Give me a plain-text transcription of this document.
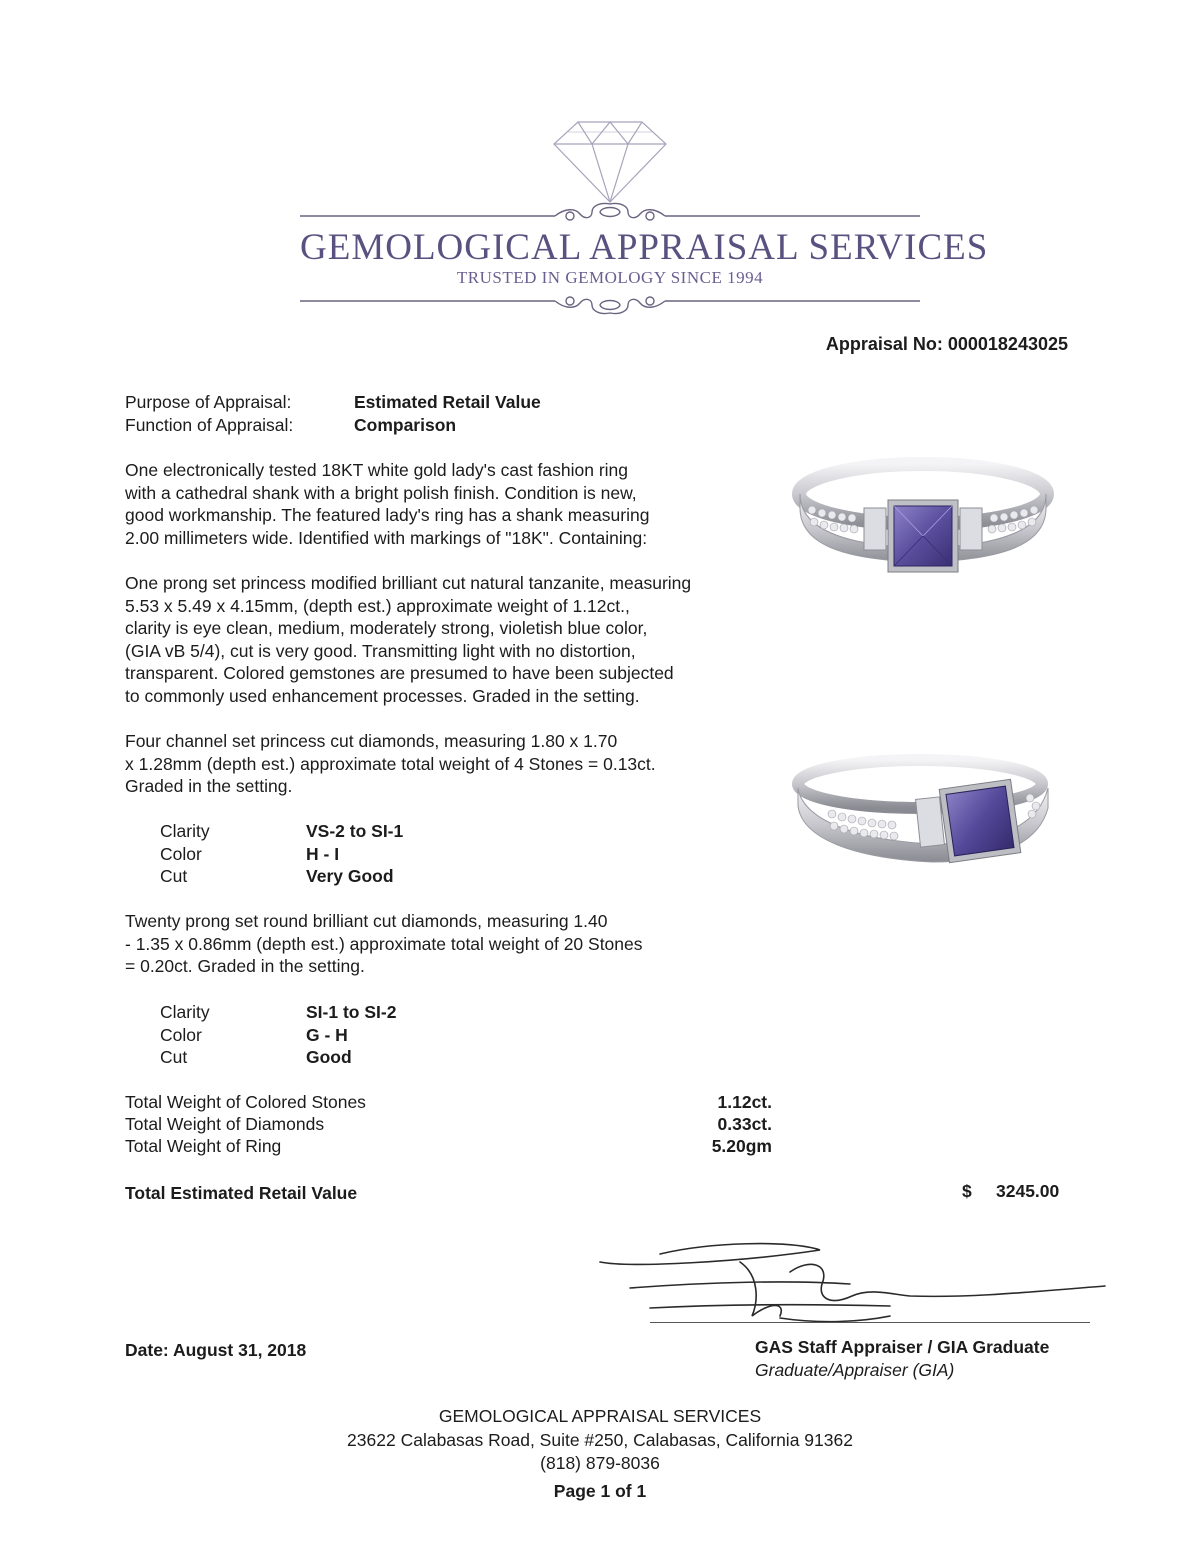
GEMOLOGICAL APPRAISAL SERVICES
TRUSTED IN GEMOLOGY SINCE 1994
Appraisal No: 000018243025
Purpose of Appraisal:	Estimated Retail Value
Function of Appraisal:	Comparison

One electronically tested 18KT white gold lady's cast fashion ring

with a cathedral shank with a bright polish finish. Condition is new,

good workmanship. The featured lady's ring has a shank measuring

2.00 millimeters wide. Identified with markings of "18K". Containing:

One prong set princess modified brilliant cut natural tanzanite, measuring

5.53 x 5.49 x 4.15mm, (depth est.) approximate weight of 1.12ct.,

clarity is eye clean, medium, moderately strong, violetish blue color,

(GIA vB 5/4), cut is very good. Transmitting light with no distortion,

transparent. Colored gemstones are presumed to have been subjected

to commonly used enhancement processes. Graded in the setting.

Four channel set princess cut diamonds, measuring 1.80 x 1.70

x 1.28mm (depth est.) approximate total weight of 4 Stones = 0.13ct.

Graded in the setting.

Clarity	VS-2 to SI-1
Color	H - I
Cut	Very Good

Twenty prong set round brilliant cut diamonds, measuring 1.40

- 1.35 x 0.86mm (depth est.) approximate total weight of 20 Stones

= 0.20ct. Graded in the setting.

Clarity	SI-1 to SI-2
Color	G - H
Cut	Good
Total Weight of Colored Stones	1.12ct.
Total Weight of Diamonds	0.33ct.
Total Weight of Ring	5.20gm
Total Estimated Retail Value	$ 3245.00
Date: August 31, 2018	GAS Staff Appraiser / GIA Graduate
Graduate/Appraiser (GIA)
GEMOLOGICAL APPRAISAL SERVICES
23622 Calabasas Road, Suite #250, Calabasas, California 91362
(818) 879-8036
Page 1 of 1
